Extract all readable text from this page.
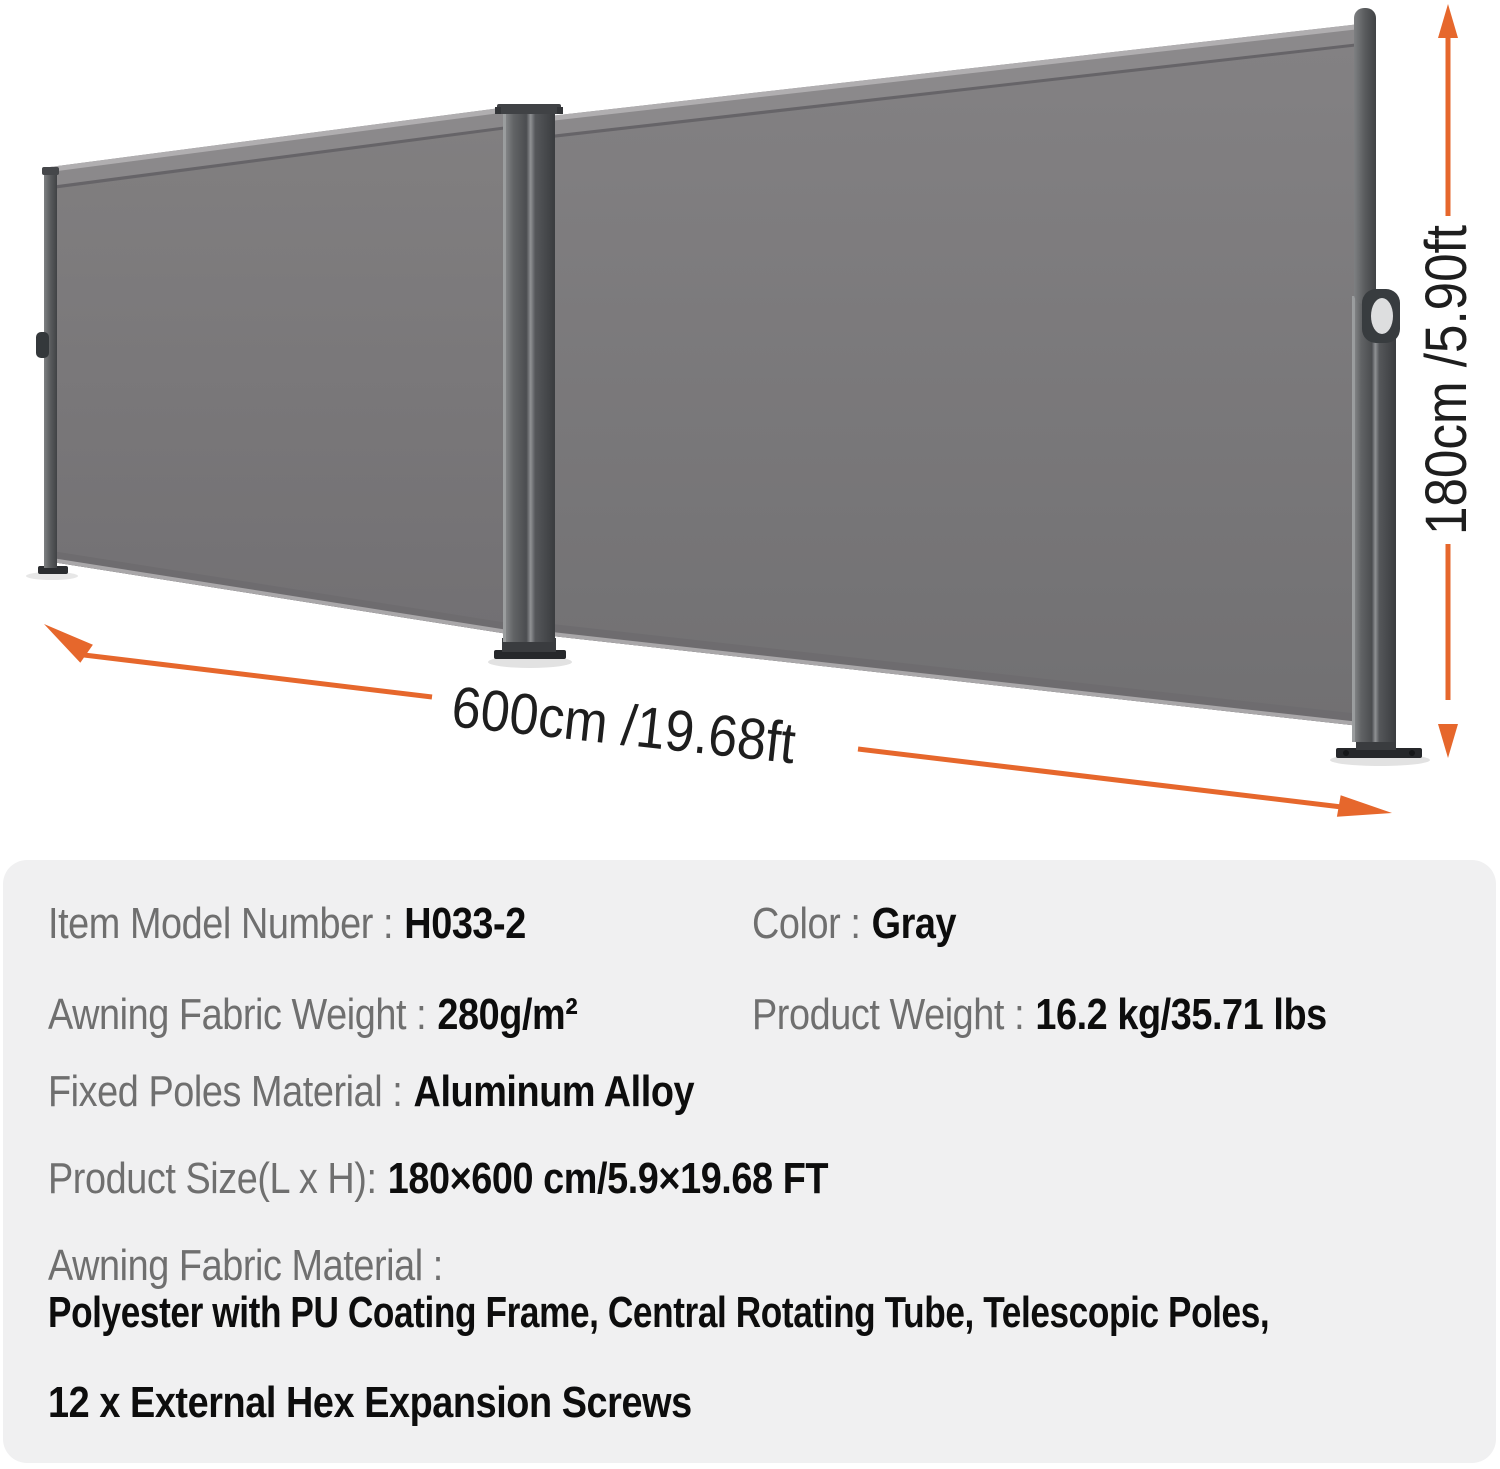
600cm /19.68ft
180cm /5.90ft
Item Model Number : H033-2	Color : Gray
Awning Fabric Weight : 280g/m²	Product Weight : 16.2 kg/35.71 lbs
Fixed Poles Material : Aluminum Alloy
Product Size(L x H): 180×600 cm/5.9×19.68 FT
Awning Fabric Material :
Polyester with PU Coating Frame, Central Rotating Tube, Telescopic Poles,
12 x External Hex Expansion Screws
